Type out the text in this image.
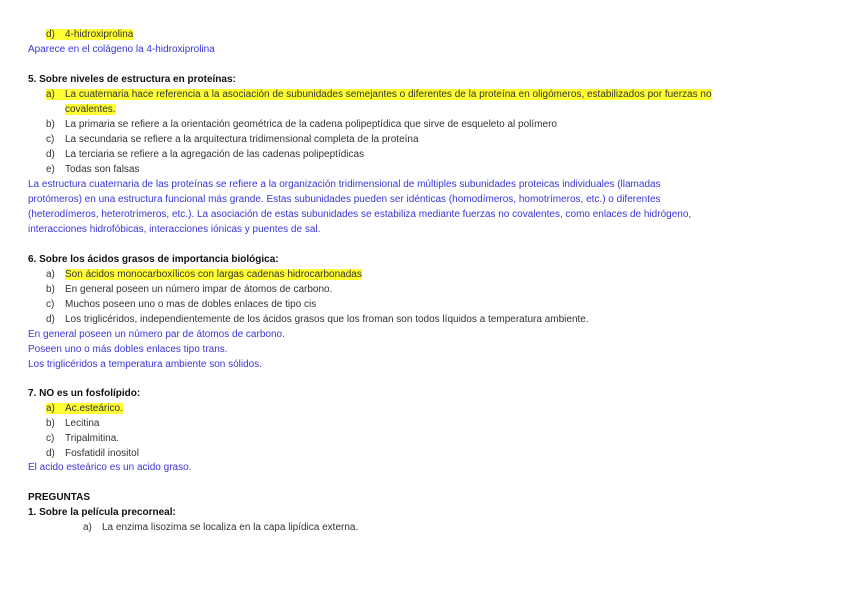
d) 4-hidroxiprolina
Aparece en el colágeno la 4-hidroxiprolina
5. Sobre niveles de estructura en proteínas:
a) La cuaternaria hace referencia a la asociación de subunidades semejantes o diferentes de la proteína en oligómeros, estabilizados por fuerzas no
covalentes.
b) La primaria se refiere a la orientación geométrica de la cadena polipeptídica que sirve de esqueleto al polímero
c) La secundaria se refiere a la arquitectura tridimensional completa de la proteína
d) La terciaria se refiere a la agregación de las cadenas polipeptídicas
e) Todas son falsas
La estructura cuaternaria de las proteínas se refiere a la organización tridimensional de múltiples subunidades proteicas individuales (llamadas
protómeros) en una estructura funcional más grande. Estas subunidades pueden ser idénticas (homodímeros, homotrímeros, etc.) o diferentes
(heterodímeros, heterotrímeros, etc.). La asociación de estas subunidades se estabiliza mediante fuerzas no covalentes, como enlaces de hidrógeno,
interacciones hidrofóbicas, interacciones iónicas y puentes de sal.
6. Sobre los ácidos grasos de importancia biológica:
a) Son ácidos monocarboxílicos con largas cadenas hidrocarbonadas
b) En general poseen un número impar de átomos de carbono.
c) Muchos poseen uno o mas de dobles enlaces de tipo cis
d) Los triglicéridos, independientemente de los ácidos grasos que los froman son todos líquidos a temperatura ambiente.
En general poseen un número par de átomos de carbono.
Poseen uno o más dobles enlaces tipo trans.
Los triglicéridos a temperatura ambiente son sólidos.
7. NO es un fosfolípido:
a) Ac.esteárico.
b) Lecitina
c) Tripalmitina.
d) Fosfatidil inositol
El acido esteárico es un acido graso.
PREGUNTAS
1. Sobre la película precorneal:
a) La enzima lisozima se localiza en la capa lipídica externa.
